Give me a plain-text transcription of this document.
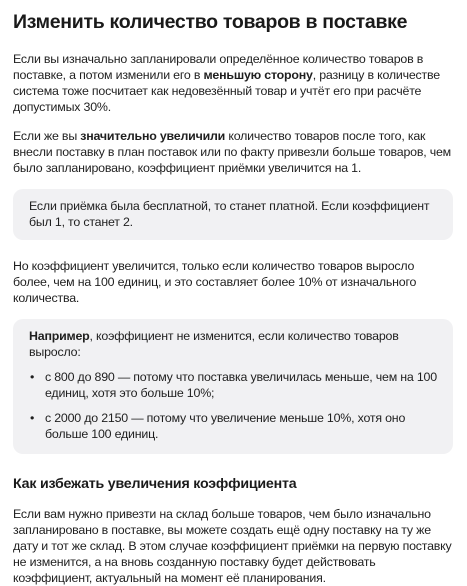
Изменить количество товаров в поставке

Если вы изначально запланировали определённое количество товаров в поставке, а потом изменили его в меньшую сторону, разницу в количестве система тоже посчитает как недовезённый товар и учтёт его при расчёте допустимых 30%.

Если же вы значительно увеличили количество товаров после того, как внесли поставку в план поставок или по факту привезли больше товаров, чем было запланировано, коэффициент приёмки увеличится на 1.

Если приёмка была бесплатной, то станет платной. Если коэффициент был 1, то станет 2.

Но коэффициент увеличится, только если количество товаров выросло более, чем на 100 единиц, и это составляет более 10% от изначального количества.

Например, коэффициент не изменится, если количество товаров выросло:

• с 800 до 890 — потому что поставка увеличилась меньше, чем на 100 единиц, хотя это больше 10%;
• с 2000 до 2150 — потому что увеличение меньше 10%, хотя оно больше 100 единиц.
Как избежать увеличения коэффициента

Если вам нужно привезти на склад больше товаров, чем было изначально запланировано в поставке, вы можете создать ещё одну поставку на ту же дату и тот же склад. В этом случае коэффициент приёмки на первую поставку не изменится, а на вновь созданную поставку будет действовать коэффициент, актуальный на момент её планирования.
